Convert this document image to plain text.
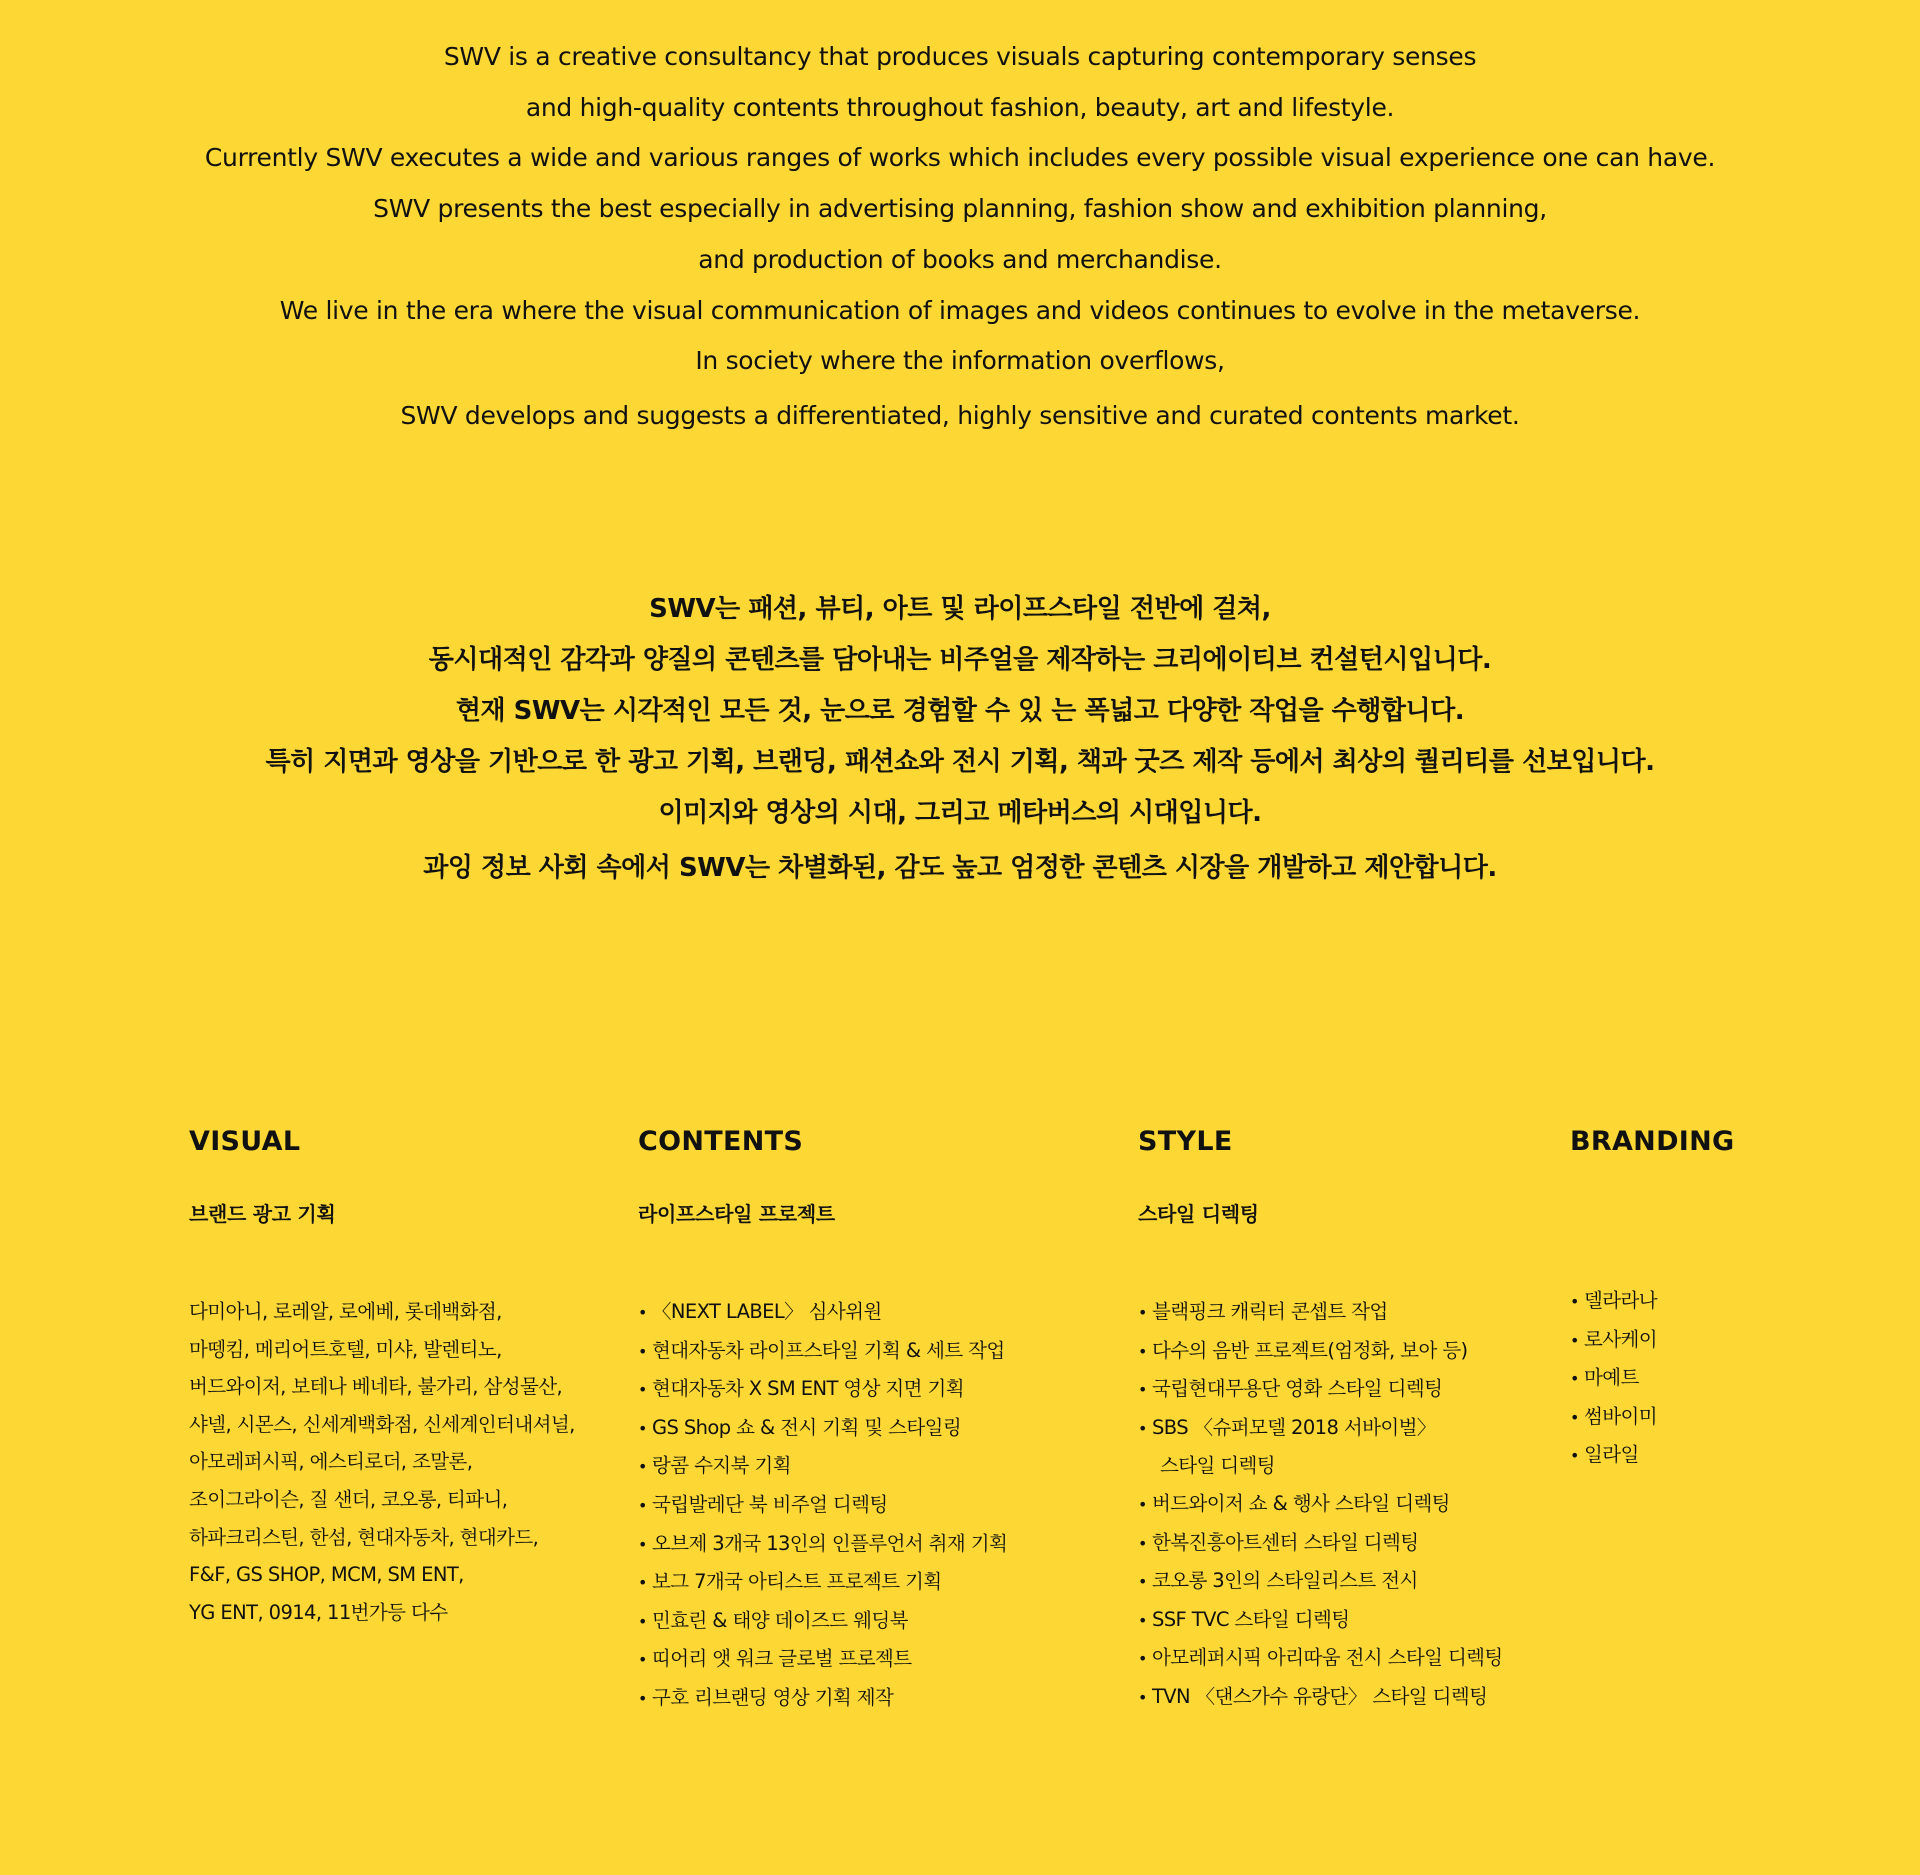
SWV is a creative consultancy that produces visuals capturing contemporary senses

and high-quality contents throughout fashion, beauty, art and lifestyle.

Currently SWV executes a wide and various ranges of works which includes every possible visual experience one can have.

SWV presents the best especially in advertising planning, fashion show and exhibition planning,

and production of books and merchandise.

We live in the era where the visual communication of images and videos continues to evolve in the metaverse.

In society where the information overflows,

SWV develops and suggests a differentiated, highly sensitive and curated contents market.

SWV는 패션, 뷰티, 아트 및 라이프스타일 전반에 걸쳐,

동시대적인 감각과 양질의 콘텐츠를 담아내는 비주얼을 제작하는 크리에이티브 컨설턴시입니다.

현재 SWV는 시각적인 모든 것, 눈으로 경험할 수 있 는 폭넓고 다양한 작업을 수행합니다.

특히 지면과 영상을 기반으로 한 광고 기획, 브랜딩, 패션쇼와 전시 기획, 책과 굿즈 제작 등에서 최상의 퀄리티를 선보입니다.

이미지와 영상의 시대, 그리고 메타버스의 시대입니다.

과잉 정보 사회 속에서 SWV는 차별화된, 감도 높고 엄정한 콘텐츠 시장을 개발하고 제안합니다.

VISUAL
브랜드 광고 기획
다미아니, 로레알, 로에베, 롯데백화점,
마뗑킴, 메리어트호텔, 미샤, 발렌티노,
버드와이저, 보테나 베네타, 불가리, 삼성물산,
샤넬, 시몬스, 신세계백화점, 신세계인터내셔널,
아모레퍼시픽, 에스티로더, 조말론,
조이그라이슨, 질 샌더, 코오롱, 티파니,
하파크리스틴, 한섬, 현대자동차, 현대카드,
F&F, GS SHOP, MCM, SM ENT,
YG ENT, 0914, 11번가등 다수
CONTENTS
라이프스타일 프로젝트
• 〈NEXT LABEL〉 심사위원
• 현대자동차 라이프스타일 기획 & 세트 작업
• 현대자동차 X SM ENT 영상 지면 기획
• GS Shop 쇼 & 전시 기획 및 스타일링
• 랑콤 수지북 기획
• 국립발레단 북 비주얼 디렉팅
• 오브제 3개국 13인의 인플루언서 취재 기획
• 보그 7개국 아티스트 프로젝트 기획
• 민효린 & 태양 데이즈드 웨딩북
• 띠어리 앳 워크 글로벌 프로젝트
• 구호 리브랜딩 영상 기획 제작
STYLE
스타일 디렉팅
• 블랙핑크 캐릭터 콘셉트 작업
• 다수의 음반 프로젝트(엄정화, 보아 등)
• 국립현대무용단 영화 스타일 디렉팅
• SBS 〈슈퍼모델 2018 서바이벌〉
스타일 디렉팅
• 버드와이저 쇼 & 행사 스타일 디렉팅
• 한복진흥아트센터 스타일 디렉팅
• 코오롱 3인의 스타일리스트 전시
• SSF TVC 스타일 디렉팅
• 아모레퍼시픽 아리따움 전시 스타일 디렉팅
• TVN 〈댄스가수 유랑단〉 스타일 디렉팅
BRANDING
• 델라라나
• 로사케이
• 마예트
• 썸바이미
• 일라일
